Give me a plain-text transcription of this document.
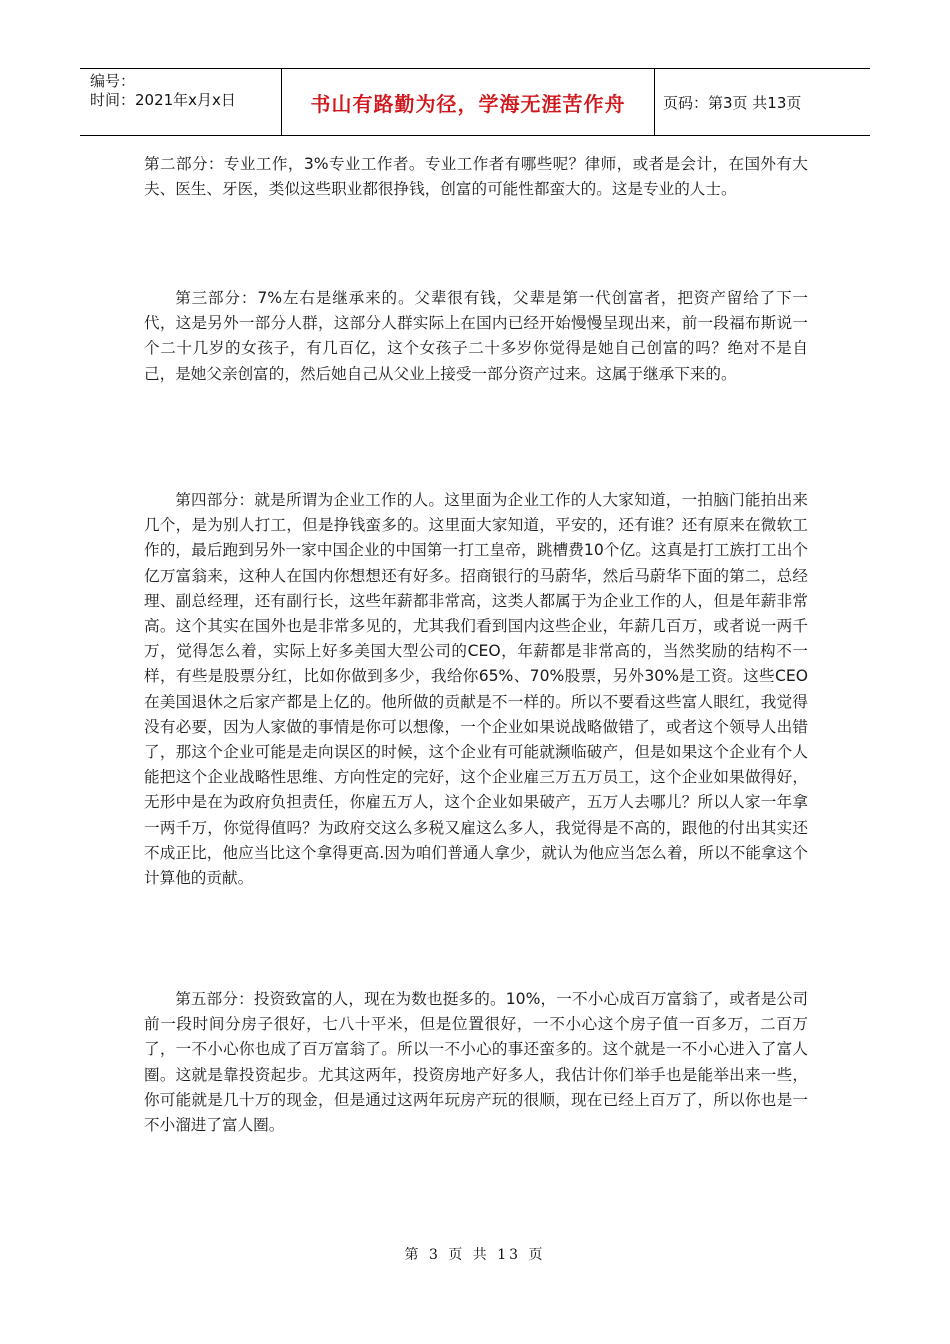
编号：
时间：2021年x月x日	书山有路勤为径，学海无涯苦作舟	页码：第3页 共13页

第二部分：专业工作，3%专业工作者。专业工作者有哪些呢？律师，或者是会计，在国外有大夫、医生、牙医，类似这些职业都很挣钱，创富的可能性都蛮大的。这是专业的人士。

第三部分：7%左右是继承来的。父辈很有钱，父辈是第一代创富者，把资产留给了下一代，这是另外一部分人群，这部分人群实际上在国内已经开始慢慢呈现出来，前一段福布斯说一个二十几岁的女孩子，有几百亿，这个女孩子二十多岁你觉得是她自己创富的吗？绝对不是自己，是她父亲创富的，然后她自己从父业上接受一部分资产过来。这属于继承下来的。

第四部分：就是所谓为企业工作的人。这里面为企业工作的人大家知道，一拍脑门能拍出来几个，是为别人打工，但是挣钱蛮多的。这里面大家知道，平安的，还有谁？还有原来在微软工作的，最后跑到另外一家中国企业的中国第一打工皇帝，跳槽费10个亿。这真是打工族打工出个亿万富翁来，这种人在国内你想想还有好多。招商银行的马蔚华，然后马蔚华下面的第二，总经理、副总经理，还有副行长，这些年薪都非常高，这类人都属于为企业工作的人，但是年薪非常高。这个其实在国外也是非常多见的，尤其我们看到国内这些企业，年薪几百万，或者说一两千万，觉得怎么着，实际上好多美国大型公司的CEO，年薪都是非常高的，当然奖励的结构不一样，有些是股票分红，比如你做到多少，我给你65%、70%股票，另外30%是工资。这些CEO在美国退休之后家产都是上亿的。他所做的贡献是不一样的。所以不要看这些富人眼红，我觉得没有必要，因为人家做的事情是你可以想像，一个企业如果说战略做错了，或者这个领导人出错了，那这个企业可能是走向误区的时候，这个企业有可能就濒临破产，但是如果这个企业有个人能把这个企业战略性思维、方向性定的完好，这个企业雇三万五万员工，这个企业如果做得好，无形中是在为政府负担责任，你雇五万人，这个企业如果破产，五万人去哪儿？所以人家一年拿一两千万，你觉得值吗？为政府交这么多税又雇这么多人，我觉得是不高的，跟他的付出其实还不成正比，他应当比这个拿得更高.因为咱们普通人拿少，就认为他应当怎么着，所以不能拿这个计算他的贡献。

第五部分：投资致富的人，现在为数也挺多的。10%，一不小心成百万富翁了，或者是公司前一段时间分房子很好，七八十平米，但是位置很好，一不小心这个房子值一百多万，二百万了，一不小心你也成了百万富翁了。所以一不小心的事还蛮多的。这个就是一不小心进入了富人圈。这就是靠投资起步。尤其这两年，投资房地产好多人，我估计你们举手也是能举出来一些，你可能就是几十万的现金，但是通过这两年玩房产玩的很顺，现在已经上百万了，所以你也是一不小溜进了富人圈。

第 3 页 共 13 页
